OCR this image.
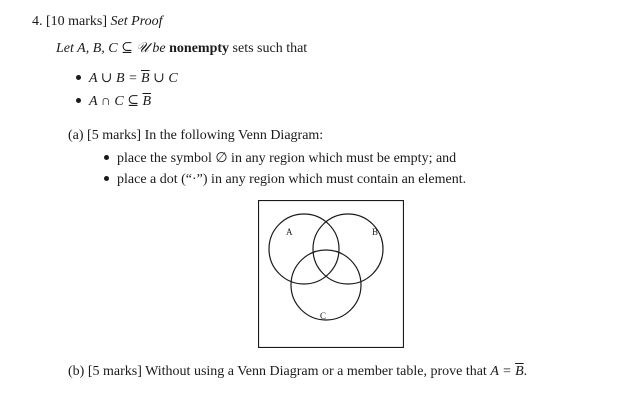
4. [10 marks] Set Proof
Let A, B, C ⊆ 𝒰 be nonempty sets such that
A ∪ $B = \overline{B}$ ∪ C
A ∩ C ⊆ $\overline{B}$
(a) [5 marks] In the following Venn Diagram:
place the symbol ∅ in any region which must be empty; and
place a dot (“·”) in any region which must contain an element.
A	B
C
(b) [5 marks] Without using a Venn Diagram or a member table, prove that $A = \overline{B}$.
